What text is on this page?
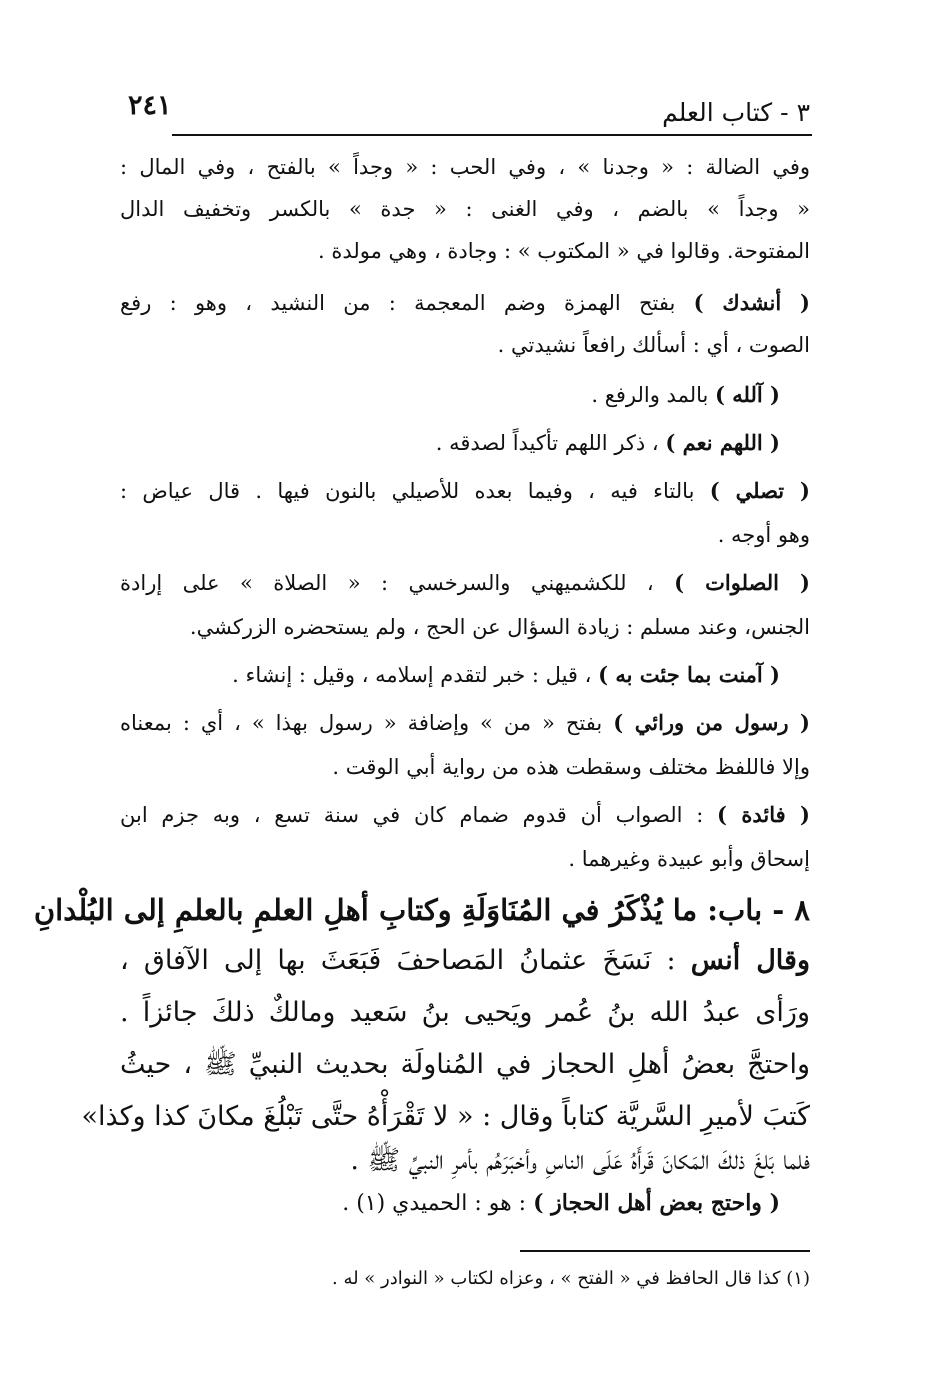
٣ - كتاب العلم
٢٤١
وفي الضالة : « وجدنا » ، وفي الحب : « وجداً » بالفتح ، وفي المال :
« وجداً » بالضم ، وفي الغنى : « جدة » بالكسر وتخفيف الدال
المفتوحة. وقالوا في « المكتوب » : وجادة ، وهي مولدة .
( أنشدك ) بفتح الهمزة وضم المعجمة : من النشيد ، وهو : رفع
الصوت ، أي : أسألك رافعاً نشيدتي .
( آلله ) بالمد والرفع .
( اللهم نعم ) ، ذكر اللهم تأكيداً لصدقه .
( تصلي ) بالتاء فيه ، وفيما بعده للأصيلي بالنون فيها . قال عياض :
وهو أوجه .
( الصلوات ) ، للكشميهني والسرخسي : « الصلاة » على إرادة
الجنس، وعند مسلم : زيادة السؤال عن الحج ، ولم يستحضره الزركشي.
( آمنت بما جئت به ) ، قيل : خبر لتقدم إسلامه ، وقيل : إنشاء .
( رسول من ورائي ) بفتح « من » وإضافة « رسول بهذا » ، أي : بمعناه
وإلا فاللفظ مختلف وسقطت هذه من رواية أبي الوقت .
( فائدة ) : الصواب أن قدوم ضمام كان في سنة تسع ، وبه جزم ابن
إسحاق وأبو عبيدة وغيرهما .
٨ - باب: ما يُذْكَرُ في المُنَاوَلَةِ وكتابِ أهلِ العلمِ بالعلمِ إلى البُلْدانِ
وقال أنس : نَسَخَ عثمانُ المَصاحفَ فَبَعَثَ بها إلى الآفاق ،
ورَأى عبدُ الله بنُ عُمر ويَحيى بنُ سَعيد ومالكٌ ذلكَ جائزاً .
واحتجَّ بعضُ أهلِ الحجاز في المُناولَة بحديث النبيِّ ﷺ ، حيثُ
كَتبَ لأميرِ السَّريَّة كتاباً وقال : « لا تَقْرَأْهُ حتَّى تَبْلُغَ مكانَ كذا وكذا»
فلما بَلغَ ذلكَ المَكانَ قَرأَهُ عَلَى الناسِ وأخبَرَهُم بأمرِ النبيِّ ﷺ .
( واحتج بعض أهل الحجاز ) : هو : الحميدي (١) .
(١) كذا قال الحافظ في « الفتح » ، وعزاه لكتاب « النوادر » له .
